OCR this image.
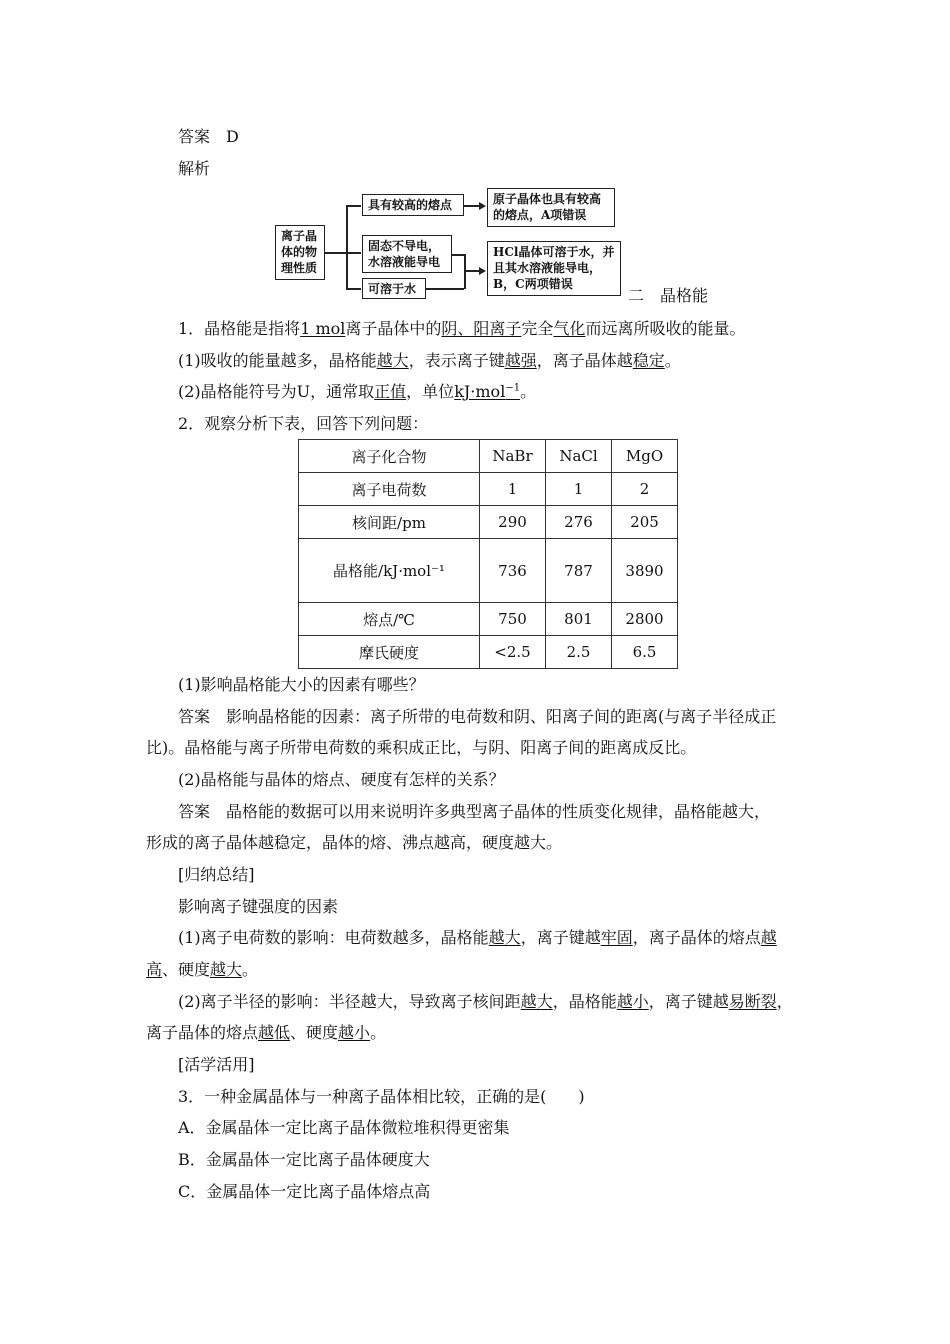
答案　 D
解析
离子晶体的物理性质
具有较高的熔点
固态不导电，水溶液能导电
可溶于水
原子晶体也具有较高的熔点，A项错误
HCl晶体可溶于水，并且其水溶液能导电，B，C两项错误
二　晶格能
1．晶格能是指将1 mol离子晶体中的阴、阳离子完全气化而远离所吸收的能量。
(1)吸收的能量越多，晶格能越大，表示离子键越强，离子晶体越稳定。
(2)晶格能符号为U，通常取正值，单位kJ·mol$^{-1}$。
2．观察分析下表，回答下列问题：
离子化合物	NaBr	NaCl	MgO
离子电荷数	1	1	2
核间距/pm	290	276	205
晶格能/kJ·mol⁻¹	736	787	3890
熔点/℃	750	801	2800
摩氏硬度	<2.5	2.5	6.5
(1)影响晶格能大小的因素有哪些？
答案　影响晶格能的因素：离子所带的电荷数和阴、阳离子间的距离(与离子半径成正
比)。晶格能与离子所带电荷数的乘积成正比，与阴、阳离子间的距离成反比。
(2)晶格能与晶体的熔点、硬度有怎样的关系？
答案　晶格能的数据可以用来说明许多典型离子晶体的性质变化规律，晶格能越大，
形成的离子晶体越稳定，晶体的熔、沸点越高，硬度越大。
[归纳总结]
影响离子键强度的因素
(1)离子电荷数的影响：电荷数越多，晶格能越大，离子键越牢固，离子晶体的熔点越
高、硬度越大。
(2)离子半径的影响：半径越大，导致离子核间距越大，晶格能越小，离子键越易断裂，
离子晶体的熔点越低、硬度越小。
[活学活用]
3．一种金属晶体与一种离子晶体相比较，正确的是(　　)
A．金属晶体一定比离子晶体微粒堆积得更密集
B．金属晶体一定比离子晶体硬度大
C．金属晶体一定比离子晶体熔点高
